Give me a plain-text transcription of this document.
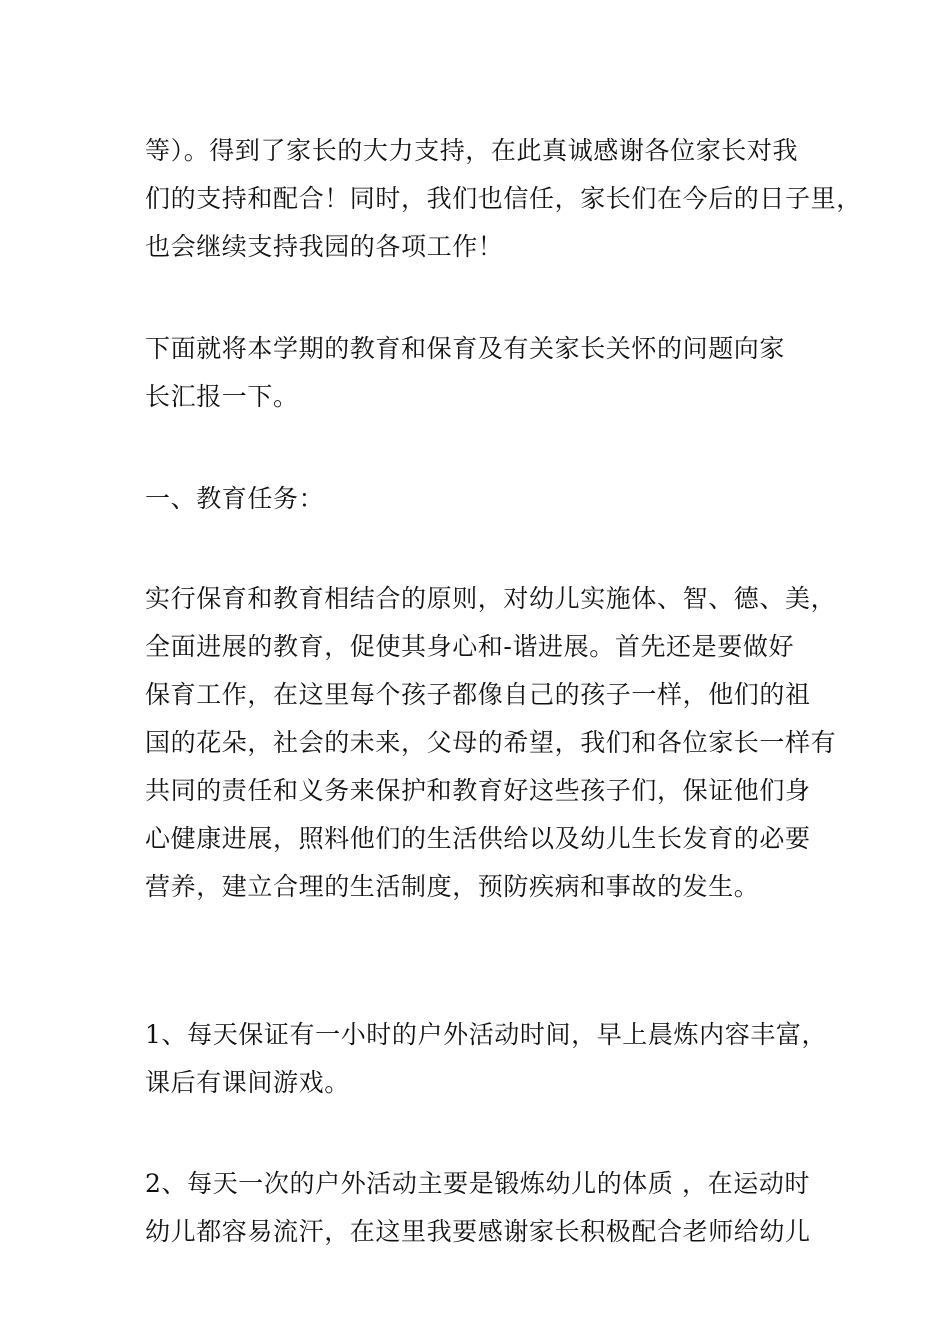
等）。得到了家长的大力支持，在此真诚感谢各位家长对我
们的支持和配合！同时，我们也信任，家长们在今后的日子里，
也会继续支持我园的各项工作！

下面就将本学期的教育和保育及有关家长关怀的问题向家
长汇报一下。

一、教育任务：

实行保育和教育相结合的原则，对幼儿实施体、智、德、美，
全面进展的教育，促使其身心和-谐进展。首先还是要做好
保育工作，在这里每个孩子都像自己的孩子一样，他们的祖
国的花朵，社会的未来，父母的希望，我们和各位家长一样有
共同的责任和义务来保护和教育好这些孩子们，保证他们身
心健康进展，照料他们的生活供给以及幼儿生长发育的必要
营养，建立合理的生活制度，预防疾病和事故的发生。

1、每天保证有一小时的户外活动时间，早上晨炼内容丰富，
课后有课间游戏。

2、每天一次的户外活动主要是锻炼幼儿的体质 ，在运动时
幼儿都容易流汗，在这里我要感谢家长积极配合老师给幼儿
